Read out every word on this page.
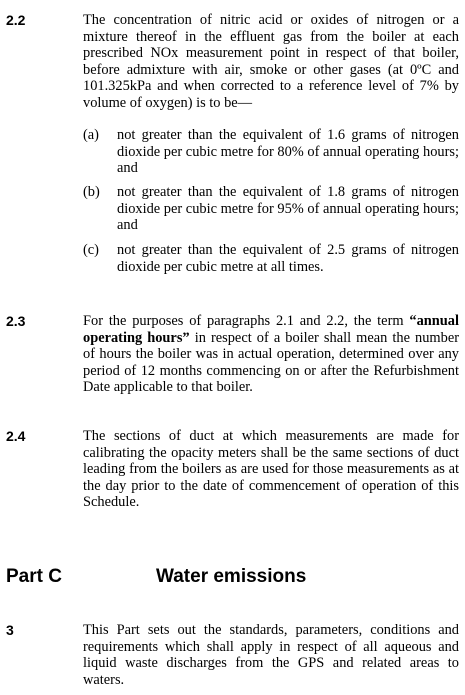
2.2	The concentration of nitric acid or oxides of nitrogen or a mixture thereof in the effluent gas from the boiler at each prescribed NOx measurement point in respect of that boiler, before admixture with air, smoke or other gases (at 0ºC and 101.325kPa and when corrected to a reference level of 7% by volume of oxygen) is to be—

(a) not greater than the equivalent of 1.6 grams of nitrogen dioxide per cubic metre for 80% of annual operating hours; and
(b) not greater than the equivalent of 1.8 grams of nitrogen dioxide per cubic metre for 95% of annual operating hours; and
(c) not greater than the equivalent of 2.5 grams of nitrogen dioxide per cubic metre at all times.
2.3	For the purposes of paragraphs 2.1 and 2.2, the term “annual operating hours” in respect of a boiler shall mean the number of hours the boiler was in actual operation, determined over any period of 12 months commencing on or after the Refurbishment Date applicable to that boiler.

2.4	The sections of duct at which measurements are made for calibrating the opacity meters shall be the same sections of duct leading from the boilers as are used for those measurements as at the day prior to the date of commencement of operation of this Schedule.

Part C	Water emissions
3	This Part sets out the standards, parameters, conditions and requirements which shall apply in respect of all aqueous and liquid waste discharges from the GPS and related areas to waters.
